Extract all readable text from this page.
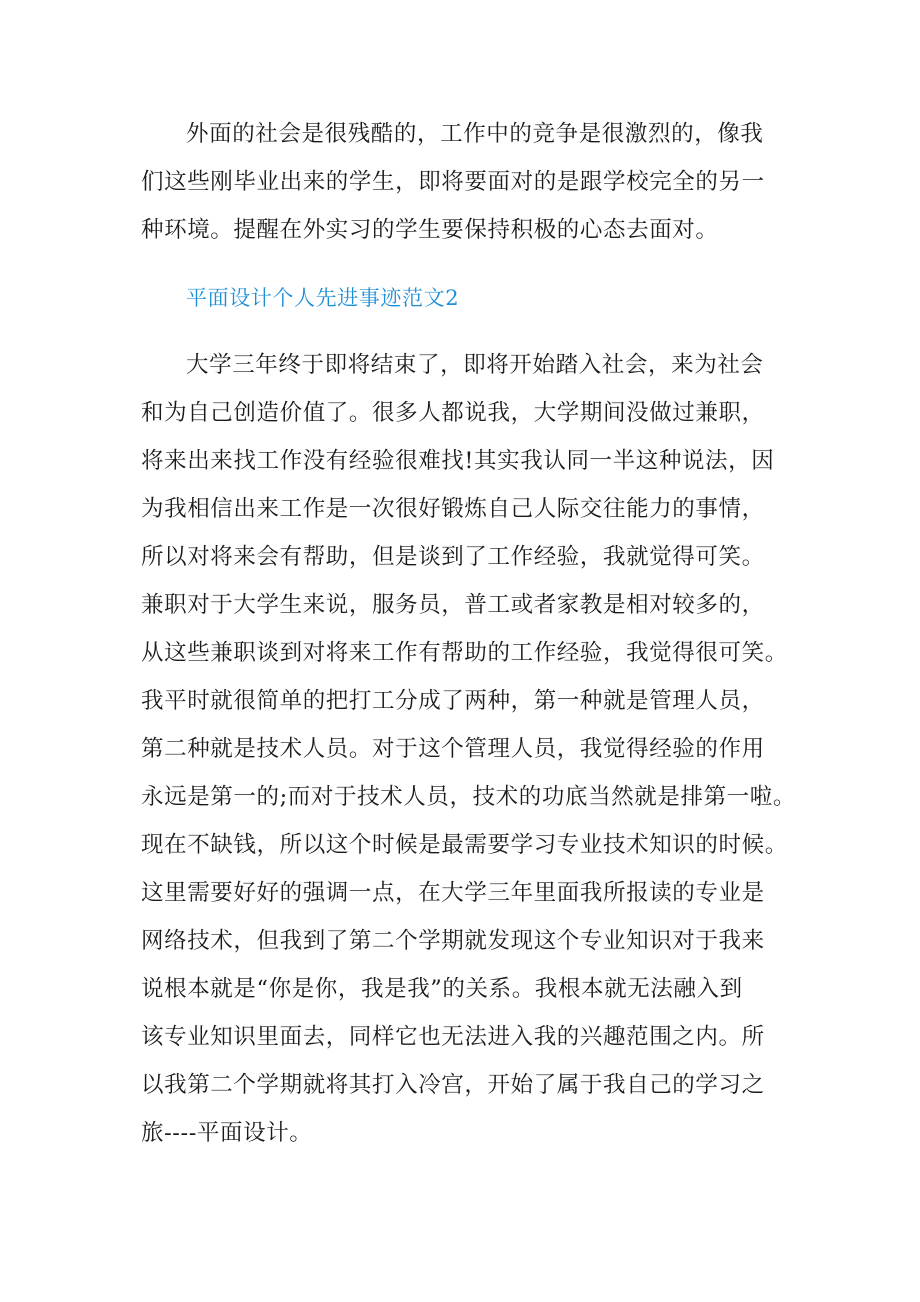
外面的社会是很残酷的，工作中的竞争是很激烈的，像我
们这些刚毕业出来的学生，即将要面对的是跟学校完全的另一
种环境。提醒在外实习的学生要保持积极的心态去面对。
平面设计个人先进事迹范文2
大学三年终于即将结束了，即将开始踏入社会，来为社会
和为自己创造价值了。很多人都说我，大学期间没做过兼职，
将来出来找工作没有经验很难找!其实我认同一半这种说法，因
为我相信出来工作是一次很好锻炼自己人际交往能力的事情，
所以对将来会有帮助，但是谈到了工作经验，我就觉得可笑。
兼职对于大学生来说，服务员，普工或者家教是相对较多的，
从这些兼职谈到对将来工作有帮助的工作经验，我觉得很可笑。
我平时就很简单的把打工分成了两种，第一种就是管理人员，
第二种就是技术人员。对于这个管理人员，我觉得经验的作用
永远是第一的;而对于技术人员，技术的功底当然就是排第一啦。
现在不缺钱，所以这个时候是最需要学习专业技术知识的时候。
这里需要好好的强调一点，在大学三年里面我所报读的专业是
网络技术，但我到了第二个学期就发现这个专业知识对于我来
说根本就是“你是你，我是我”的关系。我根本就无法融入到
该专业知识里面去，同样它也无法进入我的兴趣范围之内。所
以我第二个学期就将其打入冷宫，开始了属于我自己的学习之
旅----平面设计。
